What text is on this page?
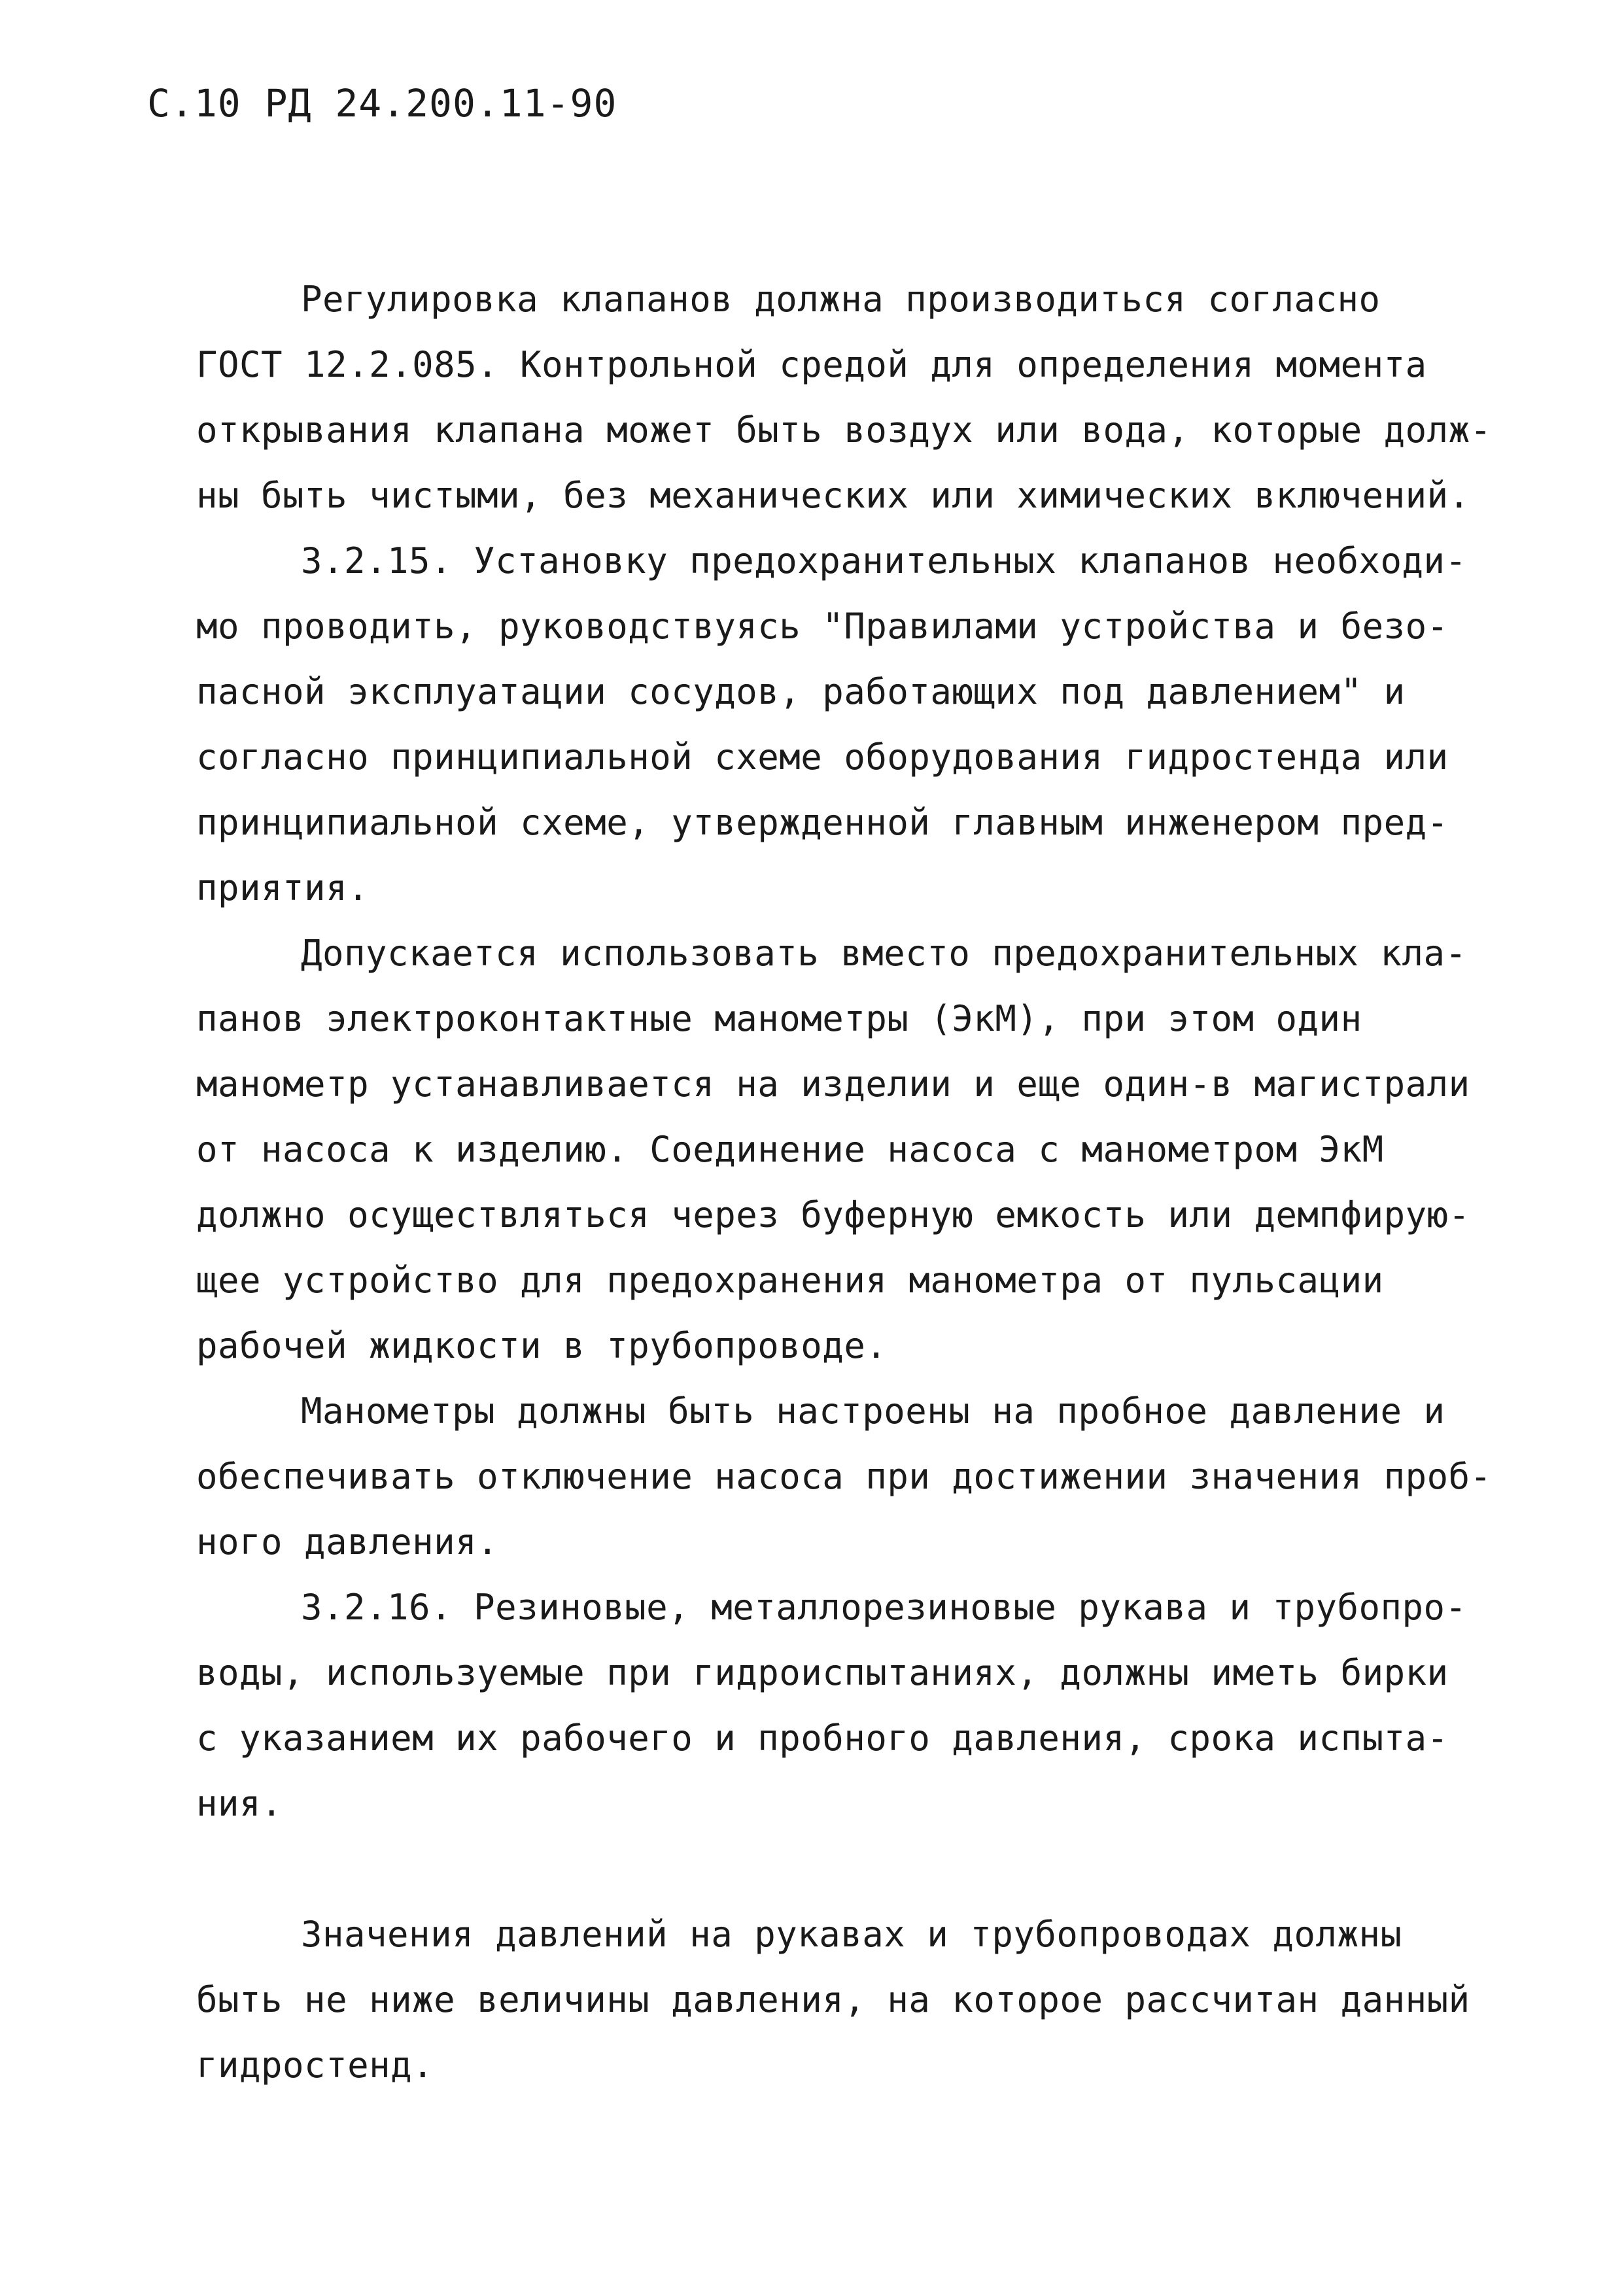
С.10 РД 24.200.11-90
Регулировка клапанов должна производиться согласно
ГОСТ 12.2.085. Контрольной средой для определения момента
открывания клапана может быть воздух или вода, которые долж-
ны быть чистыми, без механических или химических включений.
3.2.15. Установку предохранительных клапанов необходи-
мо проводить, руководствуясь "Правилами устройства и безо-
пасной эксплуатации сосудов, работающих под давлением" и
согласно принципиальной схеме оборудования гидростенда или
принципиальной схеме, утвержденной главным инженером пред-
приятия.
Допускается использовать вместо предохранительных кла-
панов электроконтактные манометры (ЭкМ), при этом один
манометр устанавливается на изделии и еще один-в магистрали
от насоса к изделию. Соединение насоса с манометром ЭкМ
должно осуществляться через буферную емкость или демпфирую-
щее устройство для предохранения манометра от пульсации
рабочей жидкости в трубопроводе.
Манометры должны быть настроены на пробное давление и
обеспечивать отключение насоса при достижении значения проб-
ного давления.
3.2.16. Резиновые, металлорезиновые рукава и трубопро-
воды, используемые при гидроиспытаниях, должны иметь бирки
с указанием их рабочего и пробного давления, срока испыта-
ния.
Значения давлений на рукавах и трубопроводах должны
быть не ниже величины давления, на которое рассчитан данный
гидростенд.
